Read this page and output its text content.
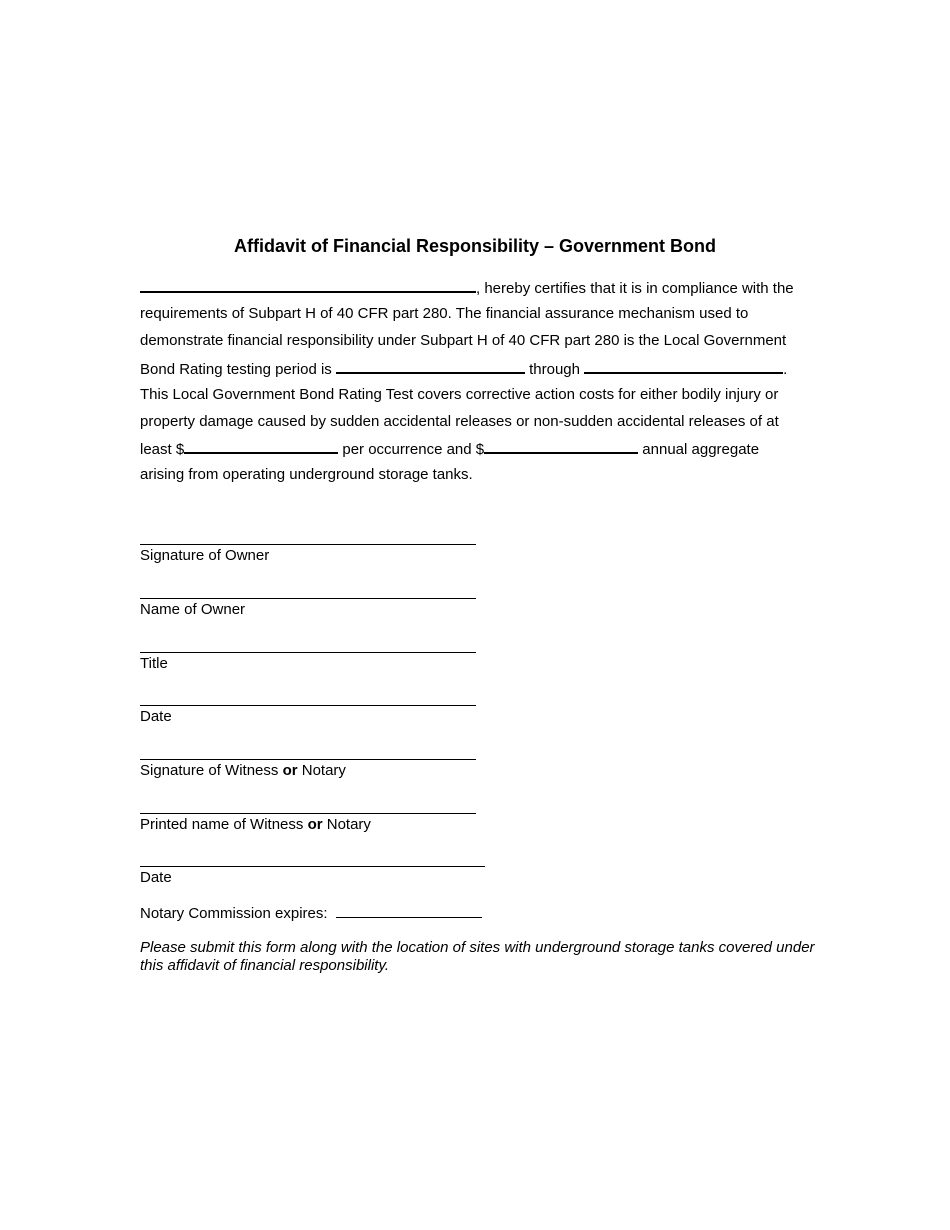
Affidavit of Financial Responsibility – Government Bond
, hereby certifies that it is in compliance with the
requirements of Subpart H of 40 CFR part 280. The financial assurance mechanism used to
demonstrate financial responsibility under Subpart H of 40 CFR part 280 is the Local Government
Bond Rating testing period is	through	.
This Local Government Bond Rating Test covers corrective action costs for either bodily injury or
property damage caused by sudden accidental releases or non-sudden accidental releases of at
least $	per occurrence and $	annual aggregate
arising from operating underground storage tanks.
Signature of Owner
Name of Owner
Title
Date
Signature of Witness or Notary
Printed name of Witness or Notary
Date
Notary Commission expires:
Please submit this form along with the location of sites with underground storage tanks covered under this affidavit of financial responsibility.
